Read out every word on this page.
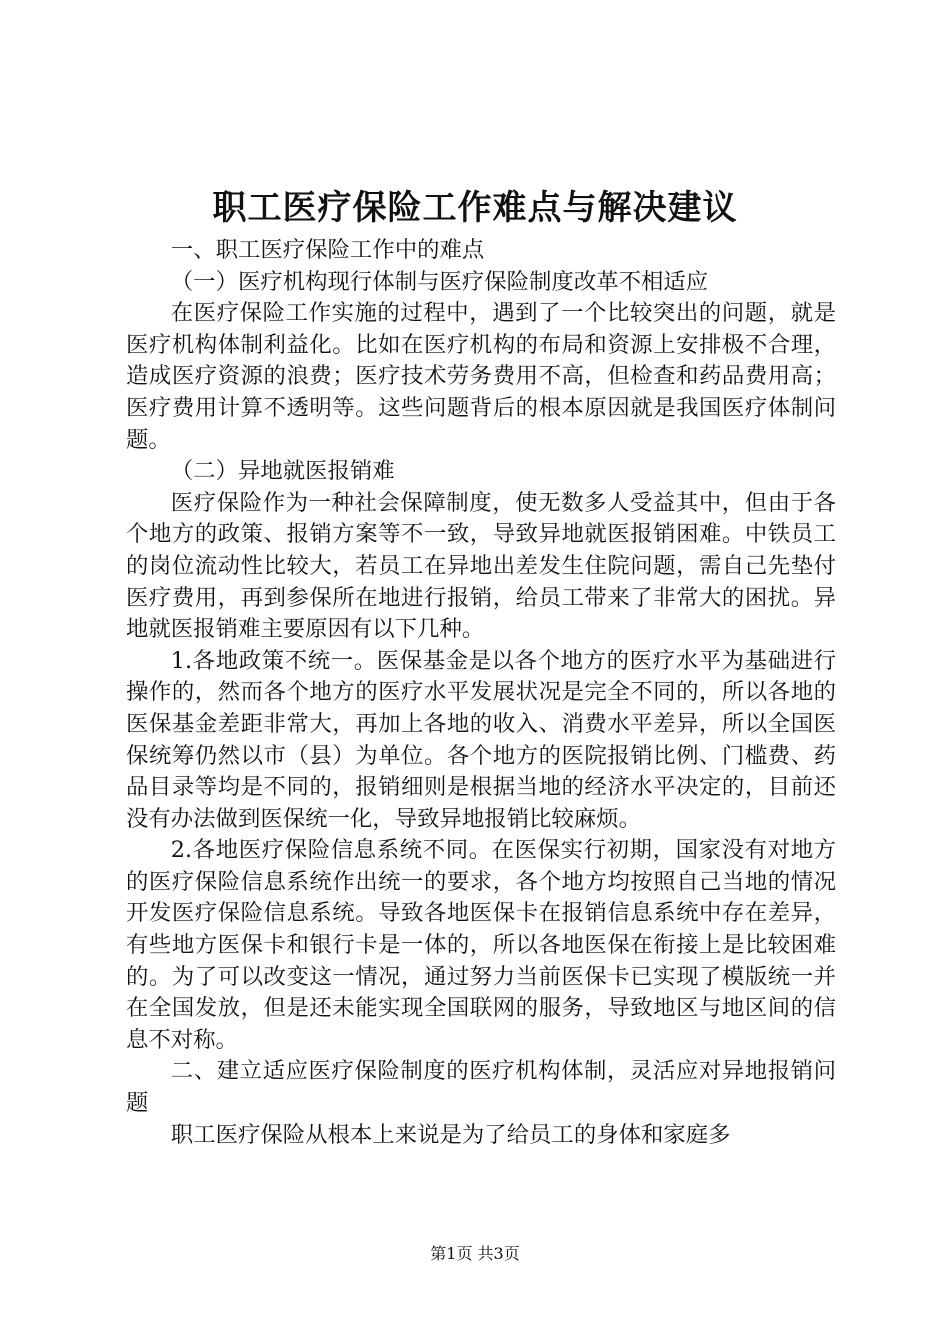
职工医疗保险工作难点与解决建议

一、职工医疗保险工作中的难点

（一）医疗机构现行体制与医疗保险制度改革不相适应

在医疗保险工作实施的过程中，遇到了一个比较突出的问题，就是医疗机构体制利益化。比如在医疗机构的布局和资源上安排极不合理，造成医疗资源的浪费；医疗技术劳务费用不高，但检查和药品费用高；医疗费用计算不透明等。这些问题背后的根本原因就是我国医疗体制问题。

（二）异地就医报销难

医疗保险作为一种社会保障制度，使无数多人受益其中，但由于各个地方的政策、报销方案等不一致，导致异地就医报销困难。中铁员工的岗位流动性比较大，若员工在异地出差发生住院问题，需自己先垫付医疗费用，再到参保所在地进行报销，给员工带来了非常大的困扰。异地就医报销难主要原因有以下几种。

1.各地政策不统一。医保基金是以各个地方的医疗水平为基础进行操作的，然而各个地方的医疗水平发展状况是完全不同的，所以各地的医保基金差距非常大，再加上各地的收入、消费水平差异，所以全国医保统筹仍然以市（县）为单位。各个地方的医院报销比例、门槛费、药品目录等均是不同的，报销细则是根据当地的经济水平决定的，目前还没有办法做到医保统一化，导致异地报销比较麻烦。

2.各地医疗保险信息系统不同。在医保实行初期，国家没有对地方的医疗保险信息系统作出统一的要求，各个地方均按照自己当地的情况开发医疗保险信息系统。导致各地医保卡在报销信息系统中存在差异，有些地方医保卡和银行卡是一体的，所以各地医保在衔接上是比较困难的。为了可以改变这一情况，通过努力当前医保卡已实现了模版统一并在全国发放，但是还未能实现全国联网的服务，导致地区与地区间的信息不对称。

二、建立适应医疗保险制度的医疗机构体制，灵活应对异地报销问题

职工医疗保险从根本上来说是为了给员工的身体和家庭多

第1页 共3页
